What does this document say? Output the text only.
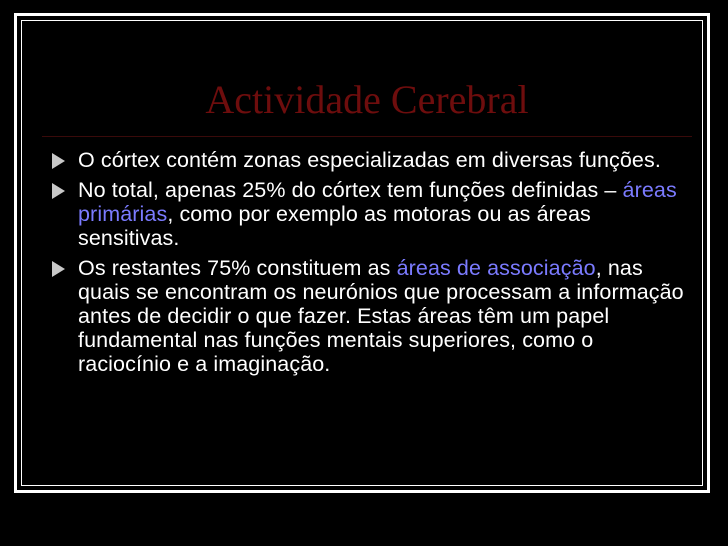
Actividade Cerebral
O córtex contém zonas especializadas em diversas funções.
No total, apenas 25% do córtex tem funções definidas – áreas primárias, como por exemplo as motoras ou as áreas sensitivas.
Os restantes 75% constituem as áreas de associação, nas quais se encontram os neurónios que processam a informação antes de decidir o que fazer. Estas áreas têm um papel fundamental nas funções mentais superiores, como o raciocínio e a imaginação.
